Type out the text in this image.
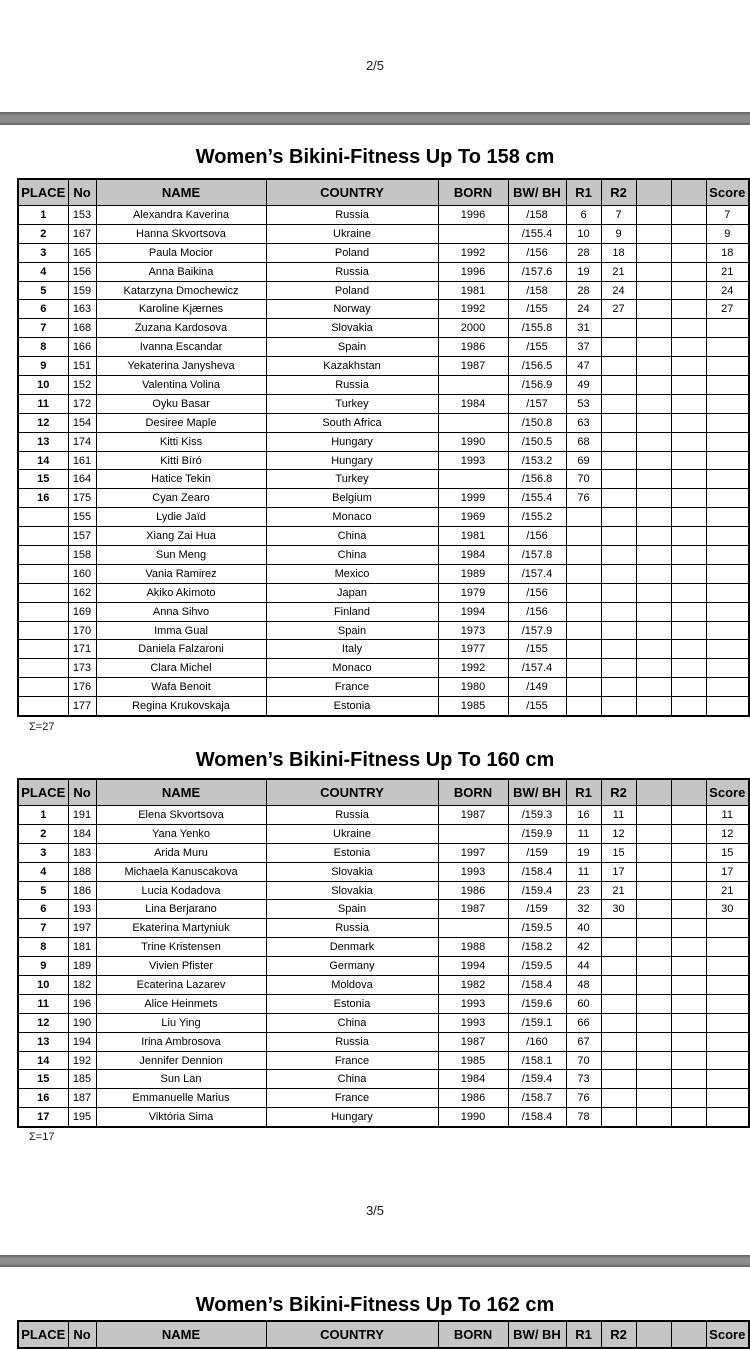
2/5
Women’s Bikini-Fitness Up To 158 cm
PLACE	No	NAME	COUNTRY	BORN	BW/ BH	R1	R2			Score
1	153	Alexandra Kaverina	Russia	1996	/158	6	7			7
2	167	Hanna Skvortsova	Ukraine		/155.4	10	9			9
3	165	Paula Mocior	Poland	1992	/156	28	18			18
4	156	Anna Baikina	Russia	1996	/157.6	19	21			21
5	159	Katarzyna Dmochewicz	Poland	1981	/158	28	24			24
6	163	Karoline Kjærnes	Norway	1992	/155	24	27			27
7	168	Zuzana Kardosova	Slovakia	2000	/155.8	31				
8	166	Ivanna Escandar	Spain	1986	/155	37				
9	151	Yekaterina Janysheva	Kazakhstan	1987	/156.5	47				
10	152	Valentina Volina	Russia		/156.9	49				
11	172	Oyku Basar	Turkey	1984	/157	53				
12	154	Desiree Maple	South Africa		/150.8	63				
13	174	Kitti Kiss	Hungary	1990	/150.5	68				
14	161	Kitti Bíró	Hungary	1993	/153.2	69				
15	164	Hatice Tekin	Turkey		/156.8	70				
16	175	Cyan Zearo	Belgium	1999	/155.4	76				
	155	Lydie Jaïd	Monaco	1969	/155.2					
	157	Xiang Zai Hua	China	1981	/156					
	158	Sun Meng	China	1984	/157.8					
	160	Vania Ramirez	Mexico	1989	/157.4					
	162	Akiko Akimoto	Japan	1979	/156					
	169	Anna Sihvo	Finland	1994	/156					
	170	Imma Gual	Spain	1973	/157.9					
	171	Daniela Falzaroni	Italy	1977	/155					
	173	Clara Michel	Monaco	1992	/157.4					
	176	Wafa Benoit	France	1980	/149					
	177	Regina Krukovskaja	Estonia	1985	/155					
Σ=27
Women’s Bikini-Fitness Up To 160 cm
PLACE	No	NAME	COUNTRY	BORN	BW/ BH	R1	R2			Score
1	191	Elena Skvortsova	Russia	1987	/159.3	16	11			11
2	184	Yana Yenko	Ukraine		/159.9	11	12			12
3	183	Arida Muru	Estonia	1997	/159	19	15			15
4	188	Michaela Kanuscakova	Slovakia	1993	/158.4	11	17			17
5	186	Lucia Kodadova	Slovakia	1986	/159.4	23	21			21
6	193	Lina Berjarano	Spain	1987	/159	32	30			30
7	197	Ekaterina Martyniuk	Russia		/159.5	40				
8	181	Trine Kristensen	Denmark	1988	/158.2	42				
9	189	Vivien Pfister	Germany	1994	/159.5	44				
10	182	Ecaterina Lazarev	Moldova	1982	/158.4	48				
11	196	Alice Heinmets	Estonia	1993	/159.6	60				
12	190	Liu Ying	China	1993	/159.1	66				
13	194	Irina Ambrosova	Russia	1987	/160	67				
14	192	Jennifer Dennion	France	1985	/158.1	70				
15	185	Sun Lan	China	1984	/159.4	73				
16	187	Emmanuelle Marius	France	1986	/158.7	76				
17	195	Viktória Sima	Hungary	1990	/158.4	78				
Σ=17
3/5
Women’s Bikini-Fitness Up To 162 cm
PLACE	No	NAME	COUNTRY	BORN	BW/ BH	R1	R2			Score
